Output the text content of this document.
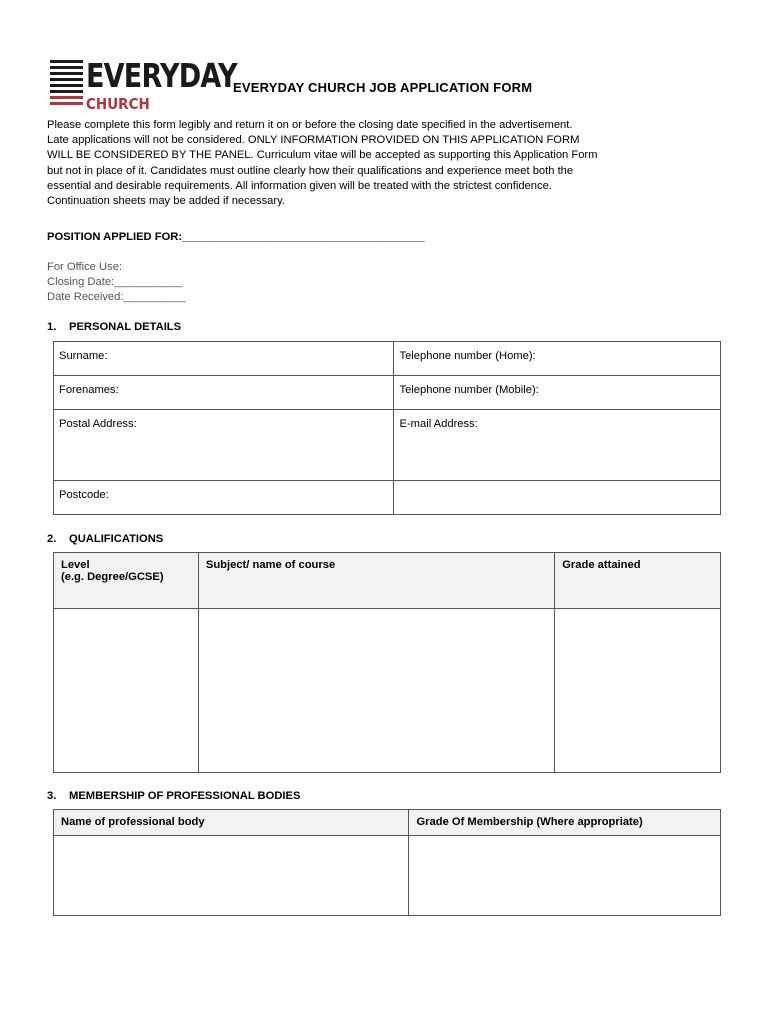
EVERYDAY
CHURCH
EVERYDAY CHURCH JOB APPLICATION FORM
Please complete this form legibly and return it on or before the closing date specified in the advertisement.
Late applications will not be considered. ONLY INFORMATION PROVIDED ON THIS APPLICATION FORM
WILL BE CONSIDERED BY THE PANEL. Curriculum vitae will be accepted as supporting this Application Form
but not in place of it. Candidates must outline clearly how their qualifications and experience meet both the
essential and desirable requirements. All information given will be treated with the strictest confidence.
Continuation sheets may be added if necessary.
POSITION APPLIED FOR:_______________________________________
For Office Use:
Closing Date:___________
Date Received:__________
1. PERSONAL DETAILS
Surname:	Telephone number (Home):
Forenames:	Telephone number (Mobile):
Postal Address:	E-mail Address:
Postcode:	
2. QUALIFICATIONS
Level
(e.g. Degree/GCSE)	Subject/ name of course	Grade attained

3. MEMBERSHIP OF PROFESSIONAL BODIES
Name of professional body	Grade Of Membership (Where appropriate)
